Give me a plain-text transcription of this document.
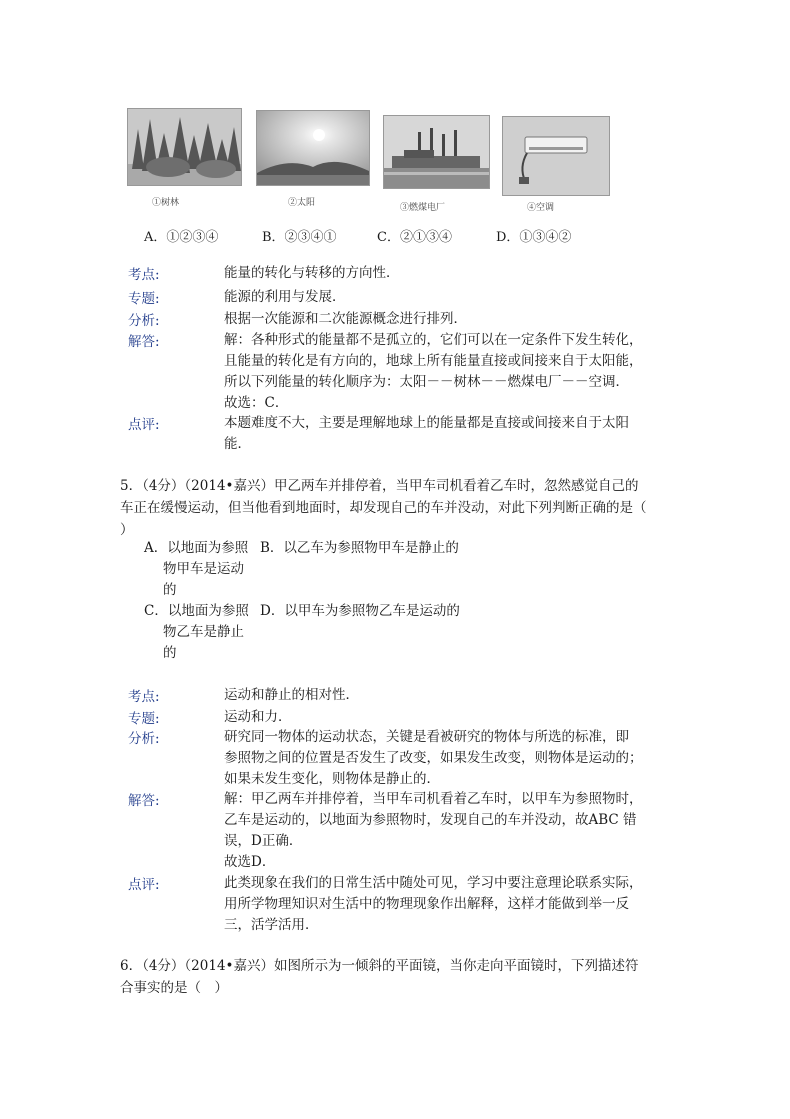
①树林	②太阳	③燃煤电厂	④空调
A．①②③④	B．②③④①	C．②①③④	D．①③④②
考点:	能量的转化与转移的方向性．
专题:	能源的利用与发展．
分析:	根据一次能源和二次能源概念进行排列．
解答:	解：各种形式的能量都不是孤立的，它们可以在一定条件下发生转化，
且能量的转化是有方向的，地球上所有能量直接或间接来自于太阳能，
所以下列能量的转化顺序为：太阳－－树林－－燃煤电厂－－空调．
故选：C．
点评:	本题难度不大，主要是理解地球上的能量都是直接或间接来自于太阳
能．
5．（4分）（2014•嘉兴）甲乙两车并排停着，当甲车司机看着乙车时，忽然感觉自己的
车正在缓慢运动，但当他看到地面时，却发现自己的车并没动，对此下列判断正确的是（
）
A．以地面为参照
物甲车是运动
的
B．以乙车为参照物甲车是静止的
C．以地面为参照
物乙车是静止
的
D．以甲车为参照物乙车是运动的
考点:	运动和静止的相对性．
专题:	运动和力．
分析:	研究同一物体的运动状态，关键是看被研究的物体与所选的标准，即
参照物之间的位置是否发生了改变，如果发生改变，则物体是运动的；
如果未发生变化，则物体是静止的．
解答:	解：甲乙两车并排停着，当甲车司机看着乙车时，以甲车为参照物时，
乙车是运动的，以地面为参照物时，发现自己的车并没动，故ABC 错
误，D正确．
故选D．
点评:	此类现象在我们的日常生活中随处可见，学习中要注意理论联系实际，
用所学物理知识对生活中的物理现象作出解释，这样才能做到举一反
三，活学活用．
6．（4分）（2014•嘉兴）如图所示为一倾斜的平面镜，当你走向平面镜时，下列描述符
合事实的是（　）
